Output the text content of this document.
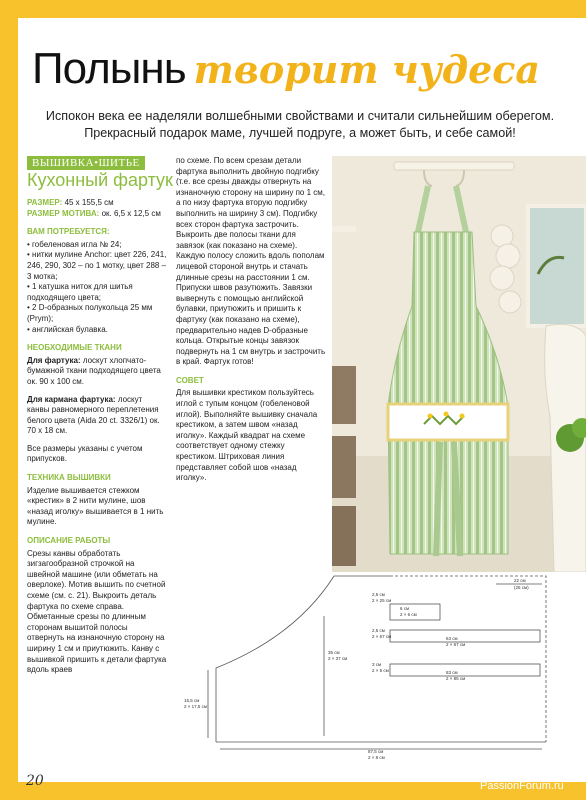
Полынь творит чудеса
Испокон века ее наделяли волшебными свойствами и считали сильнейшим оберегом.
Прекрасный подарок маме, лучшей подруге, а может быть, и себе самой!
ВЫШИВКА•ШИТЬЕ
Кухонный фартук

РАЗМЕР: 45 х 155,5 см

РАЗМЕР МОТИВА: ок. 6,5 х 12,5 см

ВАМ ПОТРЕБУЕТСЯ:

• гобеленовая игла № 24;

• нитки мулине Anchor: цвет 226, 241, 246, 290, 302 – по 1 мотку, цвет 288 – 3 мотка;

• 1 катушка ниток для шитья подходящего цвета;

• 2 D-образных полукольца 25 мм (Prym);

• английская булавка.

НЕОБХОДИМЫЕ ТКАНИ

Для фартука: лоскут хлопчато-бумажной ткани подходящего цвета ок. 90 х 100 см.

Для кармана фартука: лоскут канвы равномерного переплетения белого цвета (Aida 20 ct. 3326/1) ок. 70 х 18 см.

Все размеры указаны с учетом припусков.

ТЕХНИКА ВЫШИВКИ

Изделие вышивается стежком «крестик» в 2 нити мулине, шов «назад иголку» вышивается в 1 нить мулине.

ОПИСАНИЕ РАБОТЫ

Срезы канвы обработать зигзагообразной строчкой на швейной машине (или обметать на оверлоке). Мотив вышить по счетной схеме (см. с. 21). Выкроить деталь фартука по схеме справа. Обметанные срезы по длинным сторонам вышитой полосы отвернуть на изнаночную сторону на ширину 1 см и приутюжить. Канву с вышивкой пришить к детали фартука вдоль краев

по схеме. По всем срезам детали фартука выполнить двойную подгибку (т.е. все срезы дважды отвернуть на изнаночную сторону на ширину по 1 см, а по низу фартука вторую подгибку выполнить на ширину 3 см). Подгибку всех сторон фартука застрочить. Выкроить две полосы ткани для завязок (как показано на схеме). Каждую полосу сложить вдоль пополам лицевой стороной внутрь и стачать длинные срезы на расстоянии 1 см. Припуски швов разутюжить. Завязки вывернуть с помощью английской булавки, приутюжить и пришить к фартуку (как показано на схеме), предварительно надев D-образные кольца. Открытые концы завязок подвернуть на 1 см внутрь и застрочить в край. Фартук готов!

СОВЕТ

Для вышивки крестиком пользуйтесь иглой с тупым концом (гобеленовой иглой). Выполняйте вышивку сначала крестиком, а затем швом «назад иголку». Каждый квадрат на схеме соответствует одному стежку крестиком. Штриховая линия представляет собой шов «назад иголку».

22 см
(25 см)
2,5 см
2 × 25 см
6 см
2 × 6 см
2,5 см
2 × 67 см	63 см
2 × 67 см
3 см
2 × 5 см	83 см
2 × 85 см
35 см
2 × 37 см
15,5 см
2 × 17,5 см
87,5 см
2 × 8 см
20	PassionForum.ru
